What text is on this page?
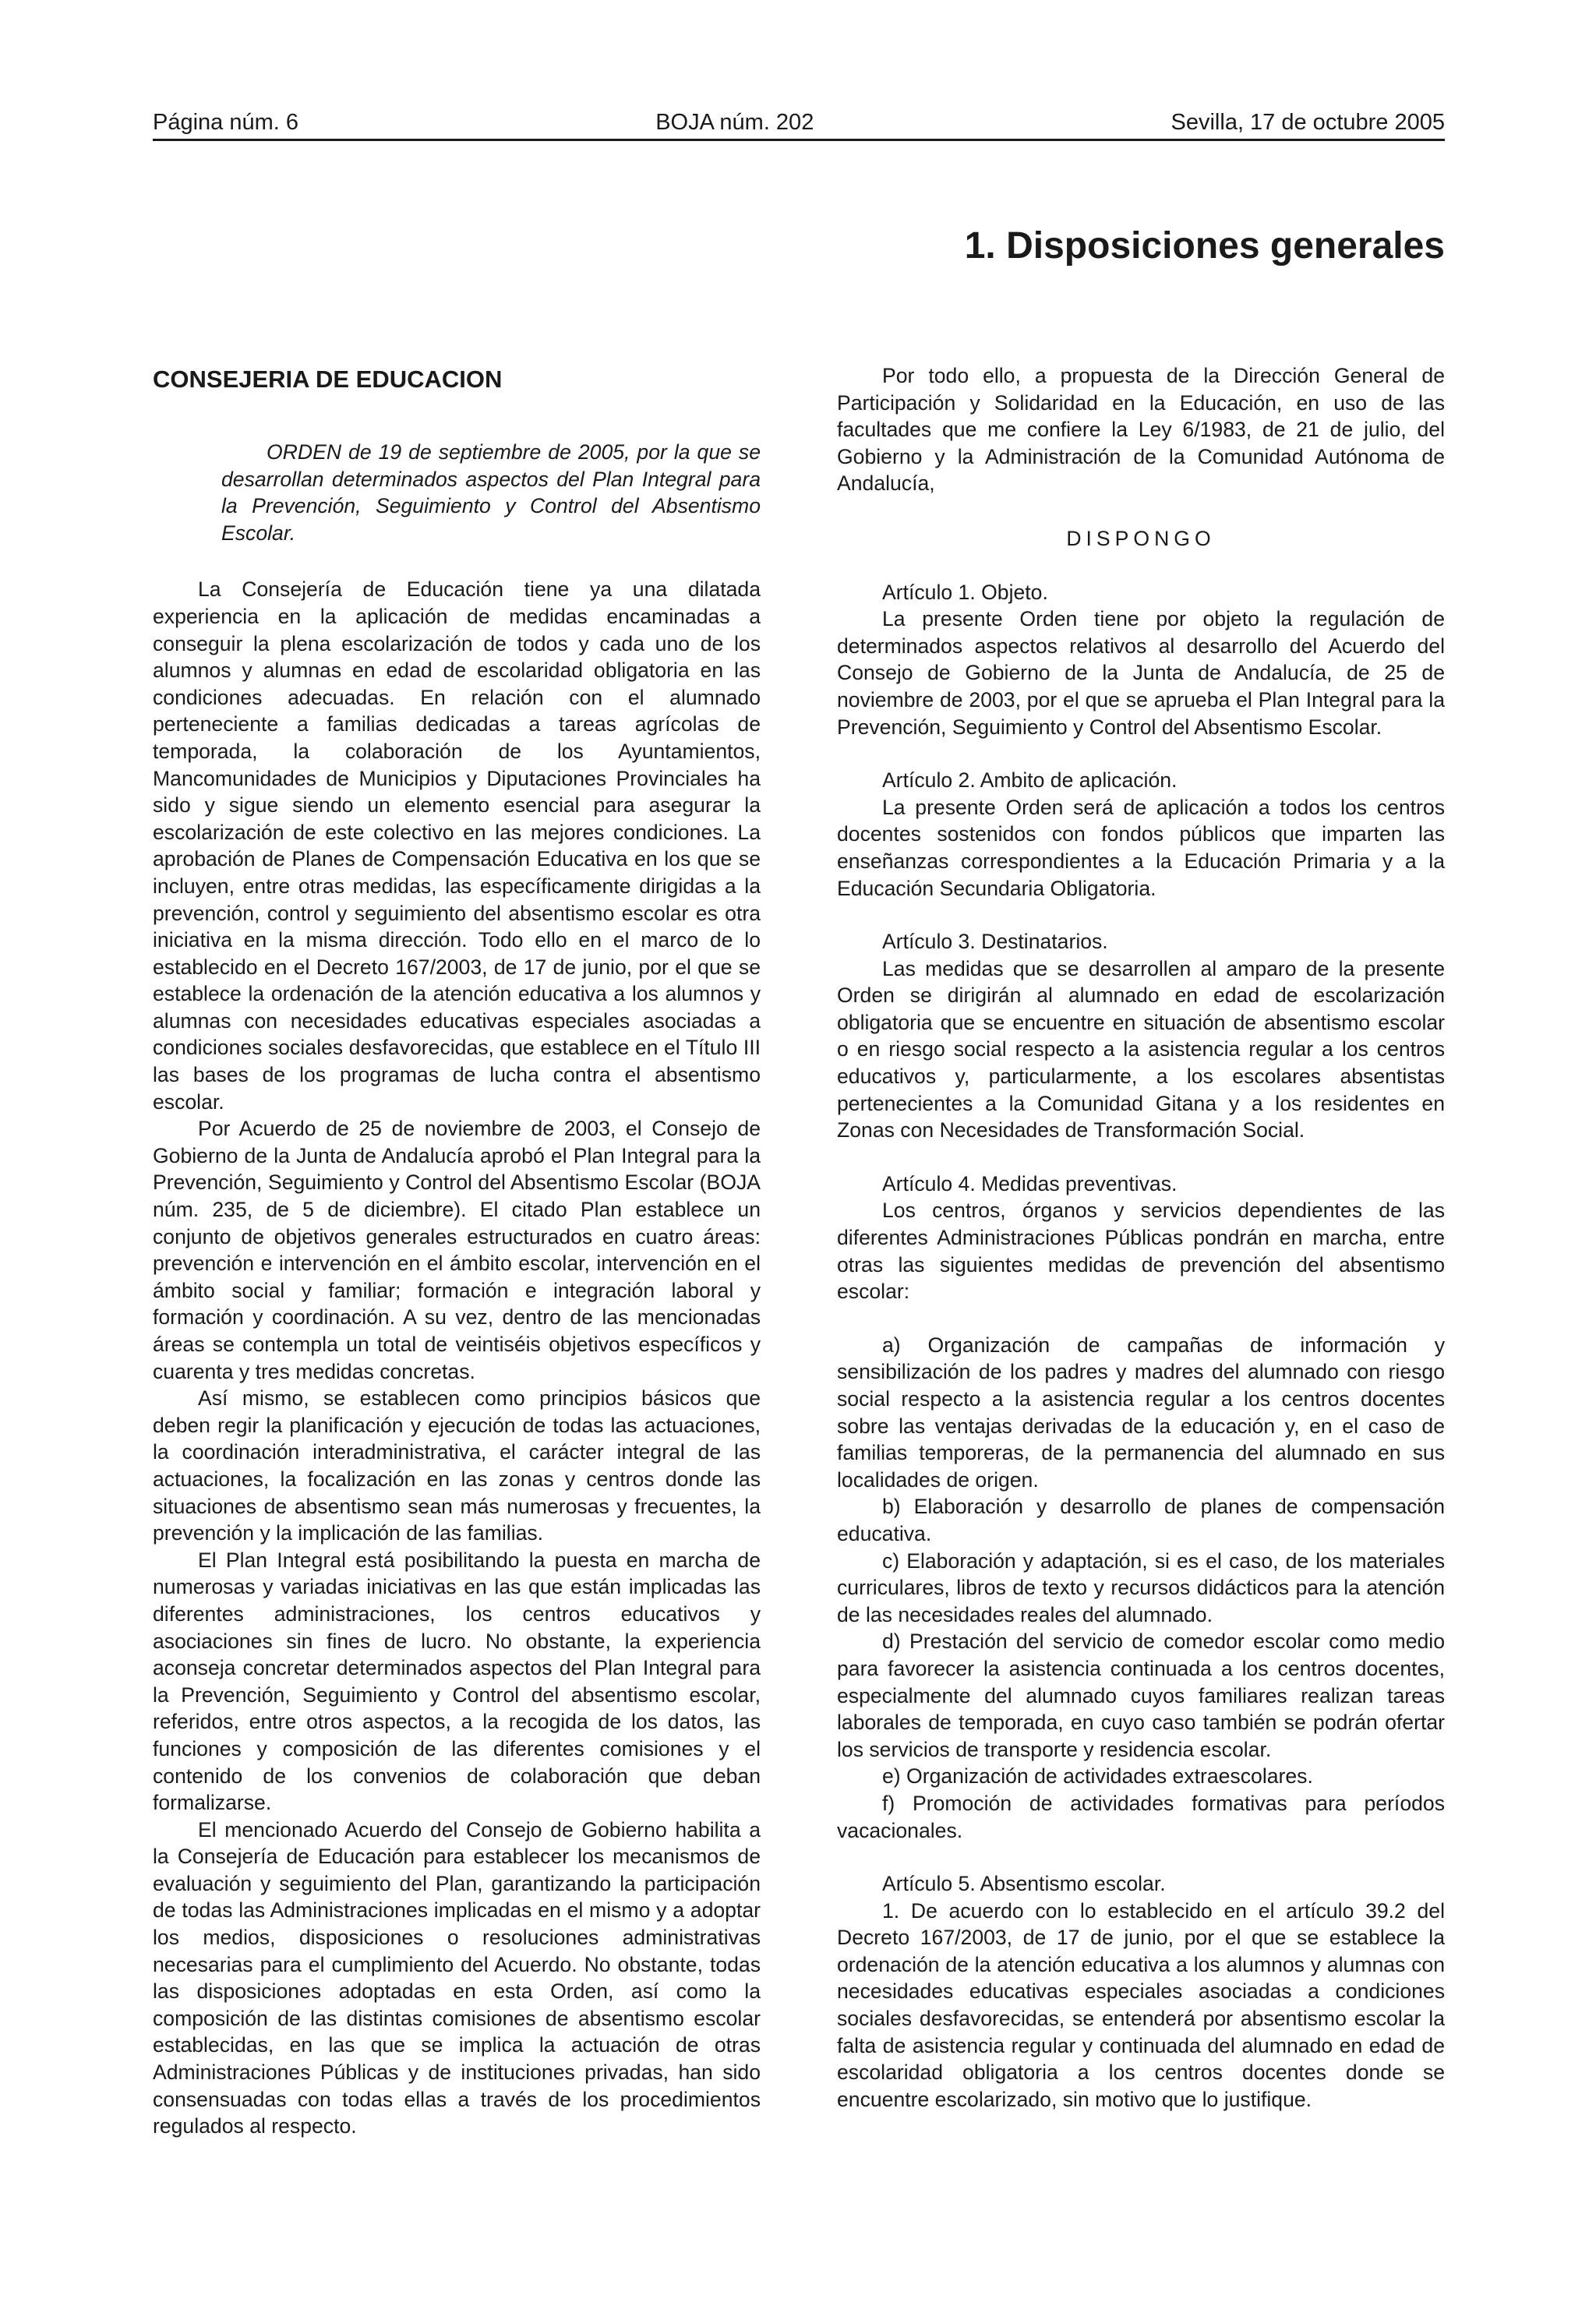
Página núm. 6	BOJA núm. 202	Sevilla, 17 de octubre 2005
1. Disposiciones generales
CONSEJERIA DE EDUCACION
ORDEN de 19 de septiembre de 2005, por la que se desarrollan determinados aspectos del Plan Integral para la Prevención, Seguimiento y Control del Absentismo Escolar.

La Consejería de Educación tiene ya una dilatada experiencia en la aplicación de medidas encaminadas a conseguir la plena escolarización de todos y cada uno de los alumnos y alumnas en edad de escolaridad obligatoria en las condiciones adecuadas. En relación con el alumnado perteneciente a familias dedicadas a tareas agrícolas de temporada, la colaboración de los Ayuntamientos, Mancomunidades de Municipios y Diputaciones Provinciales ha sido y sigue siendo un elemento esencial para asegurar la escolarización de este colectivo en las mejores condiciones. La aprobación de Planes de Compensación Educativa en los que se incluyen, entre otras medidas, las específicamente dirigidas a la prevención, control y seguimiento del absentismo escolar es otra iniciativa en la misma dirección. Todo ello en el marco de lo establecido en el Decreto 167/2003, de 17 de junio, por el que se establece la ordenación de la atención educativa a los alumnos y alumnas con necesidades educativas especiales asociadas a condiciones sociales desfavorecidas, que establece en el Título III las bases de los programas de lucha contra el absentismo escolar.

Por Acuerdo de 25 de noviembre de 2003, el Consejo de Gobierno de la Junta de Andalucía aprobó el Plan Integral para la Prevención, Seguimiento y Control del Absentismo Escolar (BOJA núm. 235, de 5 de diciembre). El citado Plan establece un conjunto de objetivos generales estructurados en cuatro áreas: prevención e intervención en el ámbito escolar, intervención en el ámbito social y familiar; formación e integración laboral y formación y coordinación. A su vez, dentro de las mencionadas áreas se contempla un total de veintiséis objetivos específicos y cuarenta y tres medidas concretas.

Así mismo, se establecen como principios básicos que deben regir la planificación y ejecución de todas las actuaciones, la coordinación interadministrativa, el carácter integral de las actuaciones, la focalización en las zonas y centros donde las situaciones de absentismo sean más numerosas y frecuentes, la prevención y la implicación de las familias.

El Plan Integral está posibilitando la puesta en marcha de numerosas y variadas iniciativas en las que están implicadas las diferentes administraciones, los centros educativos y asociaciones sin fines de lucro. No obstante, la experiencia aconseja concretar determinados aspectos del Plan Integral para la Prevención, Seguimiento y Control del absentismo escolar, referidos, entre otros aspectos, a la recogida de los datos, las funciones y composición de las diferentes comisiones y el contenido de los convenios de colaboración que deban formalizarse.

El mencionado Acuerdo del Consejo de Gobierno habilita a la Consejería de Educación para establecer los mecanismos de evaluación y seguimiento del Plan, garantizando la participación de todas las Administraciones implicadas en el mismo y a adoptar los medios, disposiciones o resoluciones administrativas necesarias para el cumplimiento del Acuerdo. No obstante, todas las disposiciones adoptadas en esta Orden, así como la composición de las distintas comisiones de absentismo escolar establecidas, en las que se implica la actuación de otras Administraciones Públicas y de instituciones privadas, han sido consensuadas con todas ellas a través de los procedimientos regulados al respecto.

Por todo ello, a propuesta de la Dirección General de Participación y Solidaridad en la Educación, en uso de las facultades que me confiere la Ley 6/1983, de 21 de julio, del Gobierno y la Administración de la Comunidad Autónoma de Andalucía,

DISPONGO

Artículo 1. Objeto.

La presente Orden tiene por objeto la regulación de determinados aspectos relativos al desarrollo del Acuerdo del Consejo de Gobierno de la Junta de Andalucía, de 25 de noviembre de 2003, por el que se aprueba el Plan Integral para la Prevención, Seguimiento y Control del Absentismo Escolar.

Artículo 2. Ambito de aplicación.

La presente Orden será de aplicación a todos los centros docentes sostenidos con fondos públicos que imparten las enseñanzas correspondientes a la Educación Primaria y a la Educación Secundaria Obligatoria.

Artículo 3. Destinatarios.

Las medidas que se desarrollen al amparo de la presente Orden se dirigirán al alumnado en edad de escolarización obligatoria que se encuentre en situación de absentismo escolar o en riesgo social respecto a la asistencia regular a los centros educativos y, particularmente, a los escolares absentistas pertenecientes a la Comunidad Gitana y a los residentes en Zonas con Necesidades de Transformación Social.

Artículo 4. Medidas preventivas.

Los centros, órganos y servicios dependientes de las diferentes Administraciones Públicas pondrán en marcha, entre otras las siguientes medidas de prevención del absentismo escolar:

a) Organización de campañas de información y sensibilización de los padres y madres del alumnado con riesgo social respecto a la asistencia regular a los centros docentes sobre las ventajas derivadas de la educación y, en el caso de familias temporeras, de la permanencia del alumnado en sus localidades de origen.

b) Elaboración y desarrollo de planes de compensación educativa.

c) Elaboración y adaptación, si es el caso, de los materiales curriculares, libros de texto y recursos didácticos para la atención de las necesidades reales del alumnado.

d) Prestación del servicio de comedor escolar como medio para favorecer la asistencia continuada a los centros docentes, especialmente del alumnado cuyos familiares realizan tareas laborales de temporada, en cuyo caso también se podrán ofertar los servicios de transporte y residencia escolar.

e) Organización de actividades extraescolares.

f) Promoción de actividades formativas para períodos vacacionales.

Artículo 5. Absentismo escolar.

1. De acuerdo con lo establecido en el artículo 39.2 del Decreto 167/2003, de 17 de junio, por el que se establece la ordenación de la atención educativa a los alumnos y alumnas con necesidades educativas especiales asociadas a condiciones sociales desfavorecidas, se entenderá por absentismo escolar la falta de asistencia regular y continuada del alumnado en edad de escolaridad obligatoria a los centros docentes donde se encuentre escolarizado, sin motivo que lo justifique.
